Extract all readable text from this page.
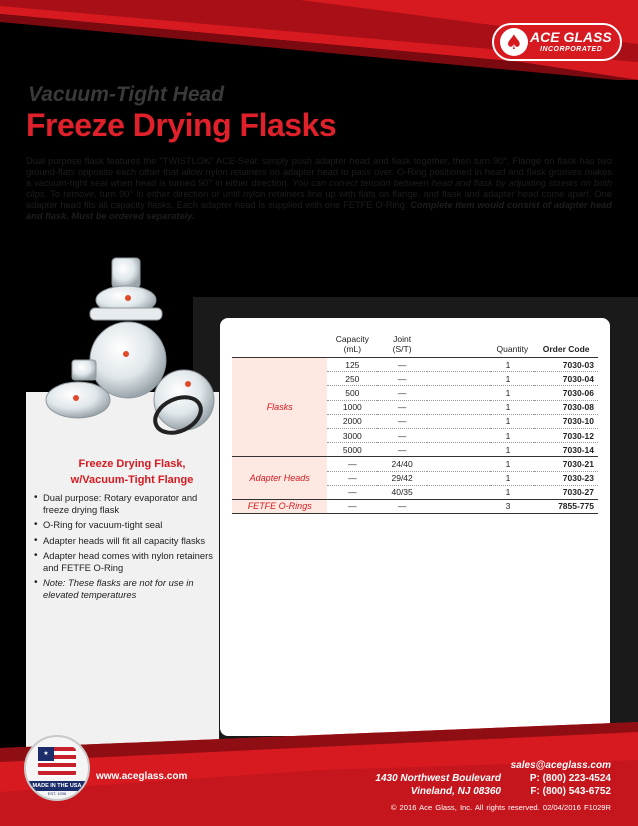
♠ ACE GLASS
INCORPORATED
Vacuum-Tight Head
Freeze Drying Flasks

Dual purpose flask features the "TWISTLOK" ACE-Seal: simply push adapter head and flask together, then turn 90°. Flange on flask has two ground-flats opposite each other that allow nylon retainers on adapter head to pass over. O-Ring positioned in head and flask grooves makes a vacuum-tight seal when head is turned 90° in either direction. You can correct tension between head and flask by adjusting screws on both clips. To remove, turn 90° in either direction or until nylon retainers line up with flats on flange, and flask and adapter head come apart. One adapter head fits all capacity flasks. Each adapter head is supplied with one FETFE O-Ring. Complete item would consist of adapter head and flask. Must be ordered separately.

Freeze Drying Flask,
w/Vacuum-Tight Flange
• Dual purpose: Rotary evaporator and freeze drying flask
• O-Ring for vacuum-tight seal
• Adapter heads will fit all capacity flasks
• Adapter head comes with nylon retainers and FETFE O-Ring
• Note: These flasks are not for use in elevated temperatures
	Capacity
(mL)	Joint
(S/T)		Quantity	Order Code
Flasks	125	—		1	7030-03
	250	—		1	7030-04
	500	—		1	7030-06
	1000	—		1	7030-08
	2000	—		1	7030-10
	3000	—		1	7030-12
	5000	—		1	7030-14
Adapter Heads	—	24/40		1	7030-21
	—	29/42		1	7030-23
	—	40/35		1	7030-27
FETFE O-Rings	—	—		3	7855-775
★
MADE IN THE USA
EST. 1936
www.aceglass.com
sales@aceglass.com
1430 Northwest Boulevard
Vineland, NJ 08360
P: (800) 223-4524
F: (800) 543-6752
© 2016 Ace Glass, Inc. All rights reserved. 02/04/2016 F1029R
